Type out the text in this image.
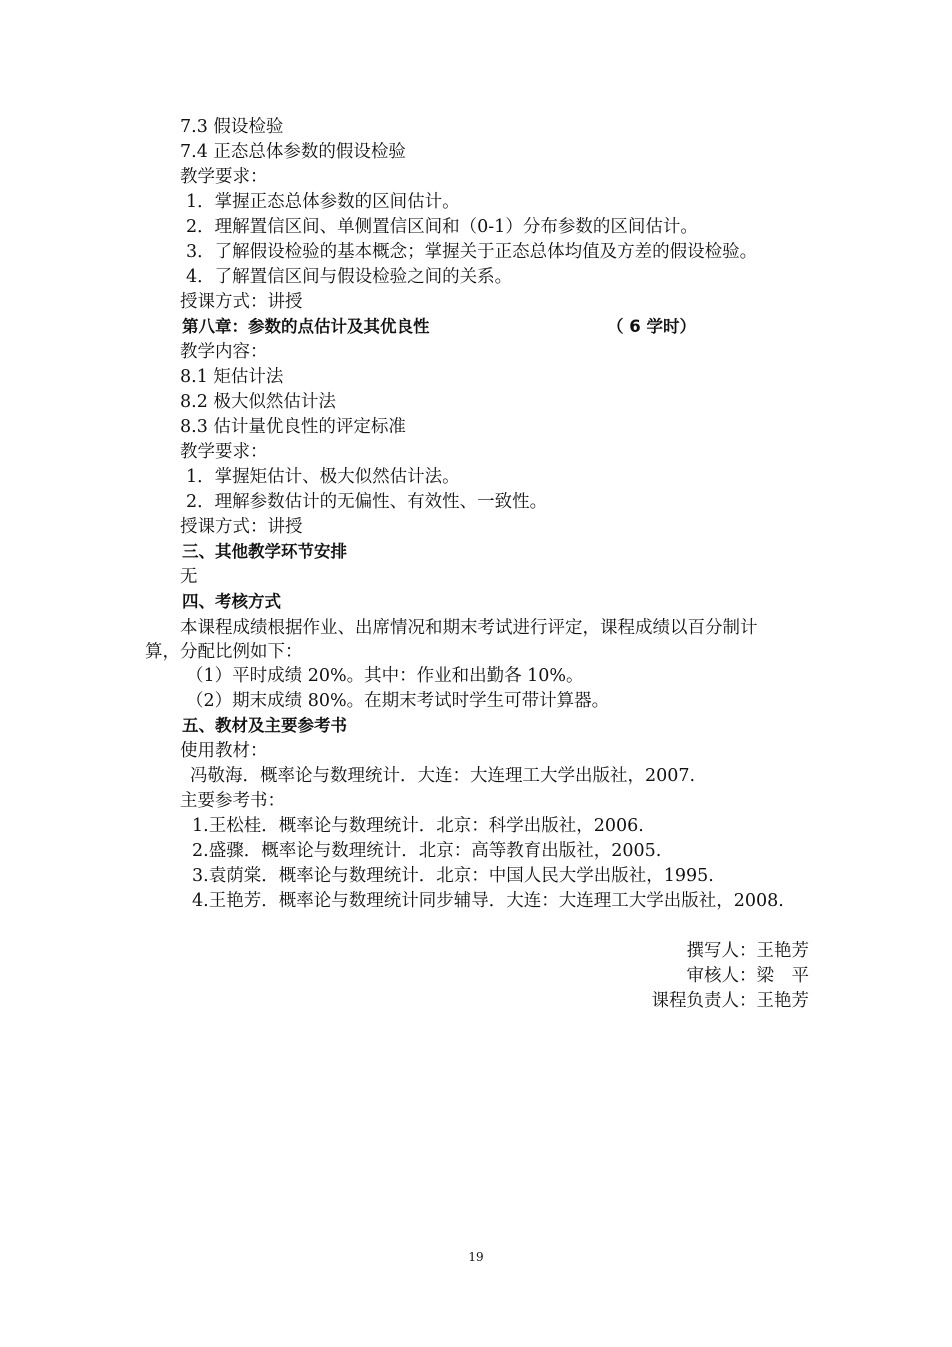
7.3 假设检验
7.4 正态总体参数的假设检验
教学要求：
1．掌握正态总体参数的区间估计。
2．理解置信区间、单侧置信区间和（0-1）分布参数的区间估计。
3．了解假设检验的基本概念；掌握关于正态总体均值及方差的假设检验。
4．了解置信区间与假设检验之间的关系。
授课方式：讲授
第八章：参数的点估计及其优良性	（ 6 学时）
教学内容：
8.1 矩估计法
8.2 极大似然估计法
8.3 估计量优良性的评定标准
教学要求：
1．掌握矩估计、极大似然估计法。
2．理解参数估计的无偏性、有效性、一致性。
授课方式：讲授
三、其他教学环节安排
无
四、考核方式
本课程成绩根据作业、出席情况和期末考试进行评定，课程成绩以百分制计
算，分配比例如下：
（1）平时成绩 20%。其中：作业和出勤各 10%。
（2）期末成绩 80%。在期末考试时学生可带计算器。
五、教材及主要参考书
使用教材：
冯敬海．概率论与数理统计．大连：大连理工大学出版社，2007.
主要参考书：
1.王松桂．概率论与数理统计．北京：科学出版社，2006.
2.盛骤．概率论与数理统计．北京：高等教育出版社，2005.
3.袁荫棠．概率论与数理统计．北京：中国人民大学出版社，1995.
4.王艳芳．概率论与数理统计同步辅导．大连：大连理工大学出版社，2008.
撰写人：王艳芳
审核人：梁　平
课程负责人：王艳芳
19
